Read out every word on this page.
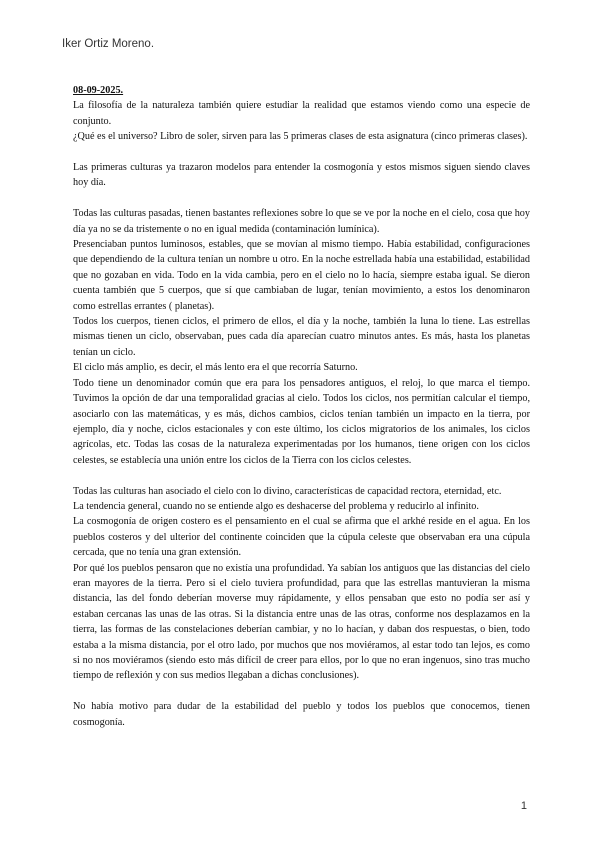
Iker Ortiz Moreno.

08-09-2025.

La filosofía de la naturaleza también quiere estudiar la realidad que estamos viendo como una especie de conjunto.

¿Qué es el universo? Libro de soler, sirven para las 5 primeras clases de esta asignatura (cinco primeras clases).

Las primeras culturas ya trazaron modelos para entender la cosmogonía y estos mismos siguen siendo claves hoy día.

Todas las culturas pasadas, tienen bastantes reflexiones sobre lo que se ve por la noche en el cielo, cosa que hoy día ya no se da tristemente o no en igual medida (contaminación lumínica).

Presenciaban puntos luminosos, estables, que se movían al mismo tiempo. Había estabilidad, configuraciones que dependiendo de la cultura tenían un nombre u otro. En la noche estrellada había una estabilidad, estabilidad que no gozaban en vida. Todo en la vida cambia, pero en el cielo no lo hacía, siempre estaba igual. Se dieron cuenta también que 5 cuerpos, que sí que cambiaban de lugar, tenían movimiento, a estos los denominaron como estrellas errantes ( planetas).

Todos los cuerpos, tienen ciclos, el primero de ellos, el día y la noche, también la luna lo tiene. Las estrellas mismas tienen un ciclo, observaban, pues cada día aparecían cuatro minutos antes. Es más, hasta los planetas tenían un ciclo.

El ciclo más amplio, es decir, el más lento era el que recorría Saturno.

Todo tiene un denominador común que era para los pensadores antiguos, el reloj, lo que marca el tiempo. Tuvimos la opción de dar una temporalidad gracias al cielo. Todos los ciclos, nos permitían calcular el tiempo, asociarlo con las matemáticas, y es más, dichos cambios, ciclos tenían también un impacto en la tierra, por ejemplo, día y noche, ciclos estacionales y con este último, los ciclos migratorios de los animales, los ciclos agrícolas, etc. Todas las cosas de la naturaleza experimentadas por los humanos, tiene origen con los ciclos celestes, se establecía una unión entre los ciclos de la Tierra con los ciclos celestes.

Todas las culturas han asociado el cielo con lo divino, características de capacidad rectora, eternidad, etc.

La tendencia general, cuando no se entiende algo es deshacerse del problema y reducirlo al infinito.

La cosmogonía de origen costero es el pensamiento en el cual se afirma que el arkhé reside en el agua. En los pueblos costeros y del ulterior del continente coinciden que la cúpula celeste que observaban era una cúpula cercada, que no tenía una gran extensión.

Por qué los pueblos pensaron que no existía una profundidad. Ya sabían los antiguos que las distancias del cielo eran mayores de la tierra. Pero si el cielo tuviera profundidad, para que las estrellas mantuvieran la misma distancia, las del fondo deberían moverse muy rápidamente, y ellos pensaban que esto no podía ser así y estaban cercanas las unas de las otras. Si la distancia entre unas de las otras, conforme nos desplazamos en la tierra, las formas de las constelaciones deberían cambiar, y no lo hacían, y daban dos respuestas, o bien, todo estaba a la misma distancia, por el otro lado, por muchos que nos moviéramos, al estar todo tan lejos, es como si no nos moviéramos (siendo esto más difícil de creer para ellos, por lo que no eran ingenuos, sino tras mucho tiempo de reflexión y con sus medios llegaban a dichas conclusiones).

No había motivo para dudar de la estabilidad del pueblo y todos los pueblos que conocemos, tienen cosmogonía.

1
